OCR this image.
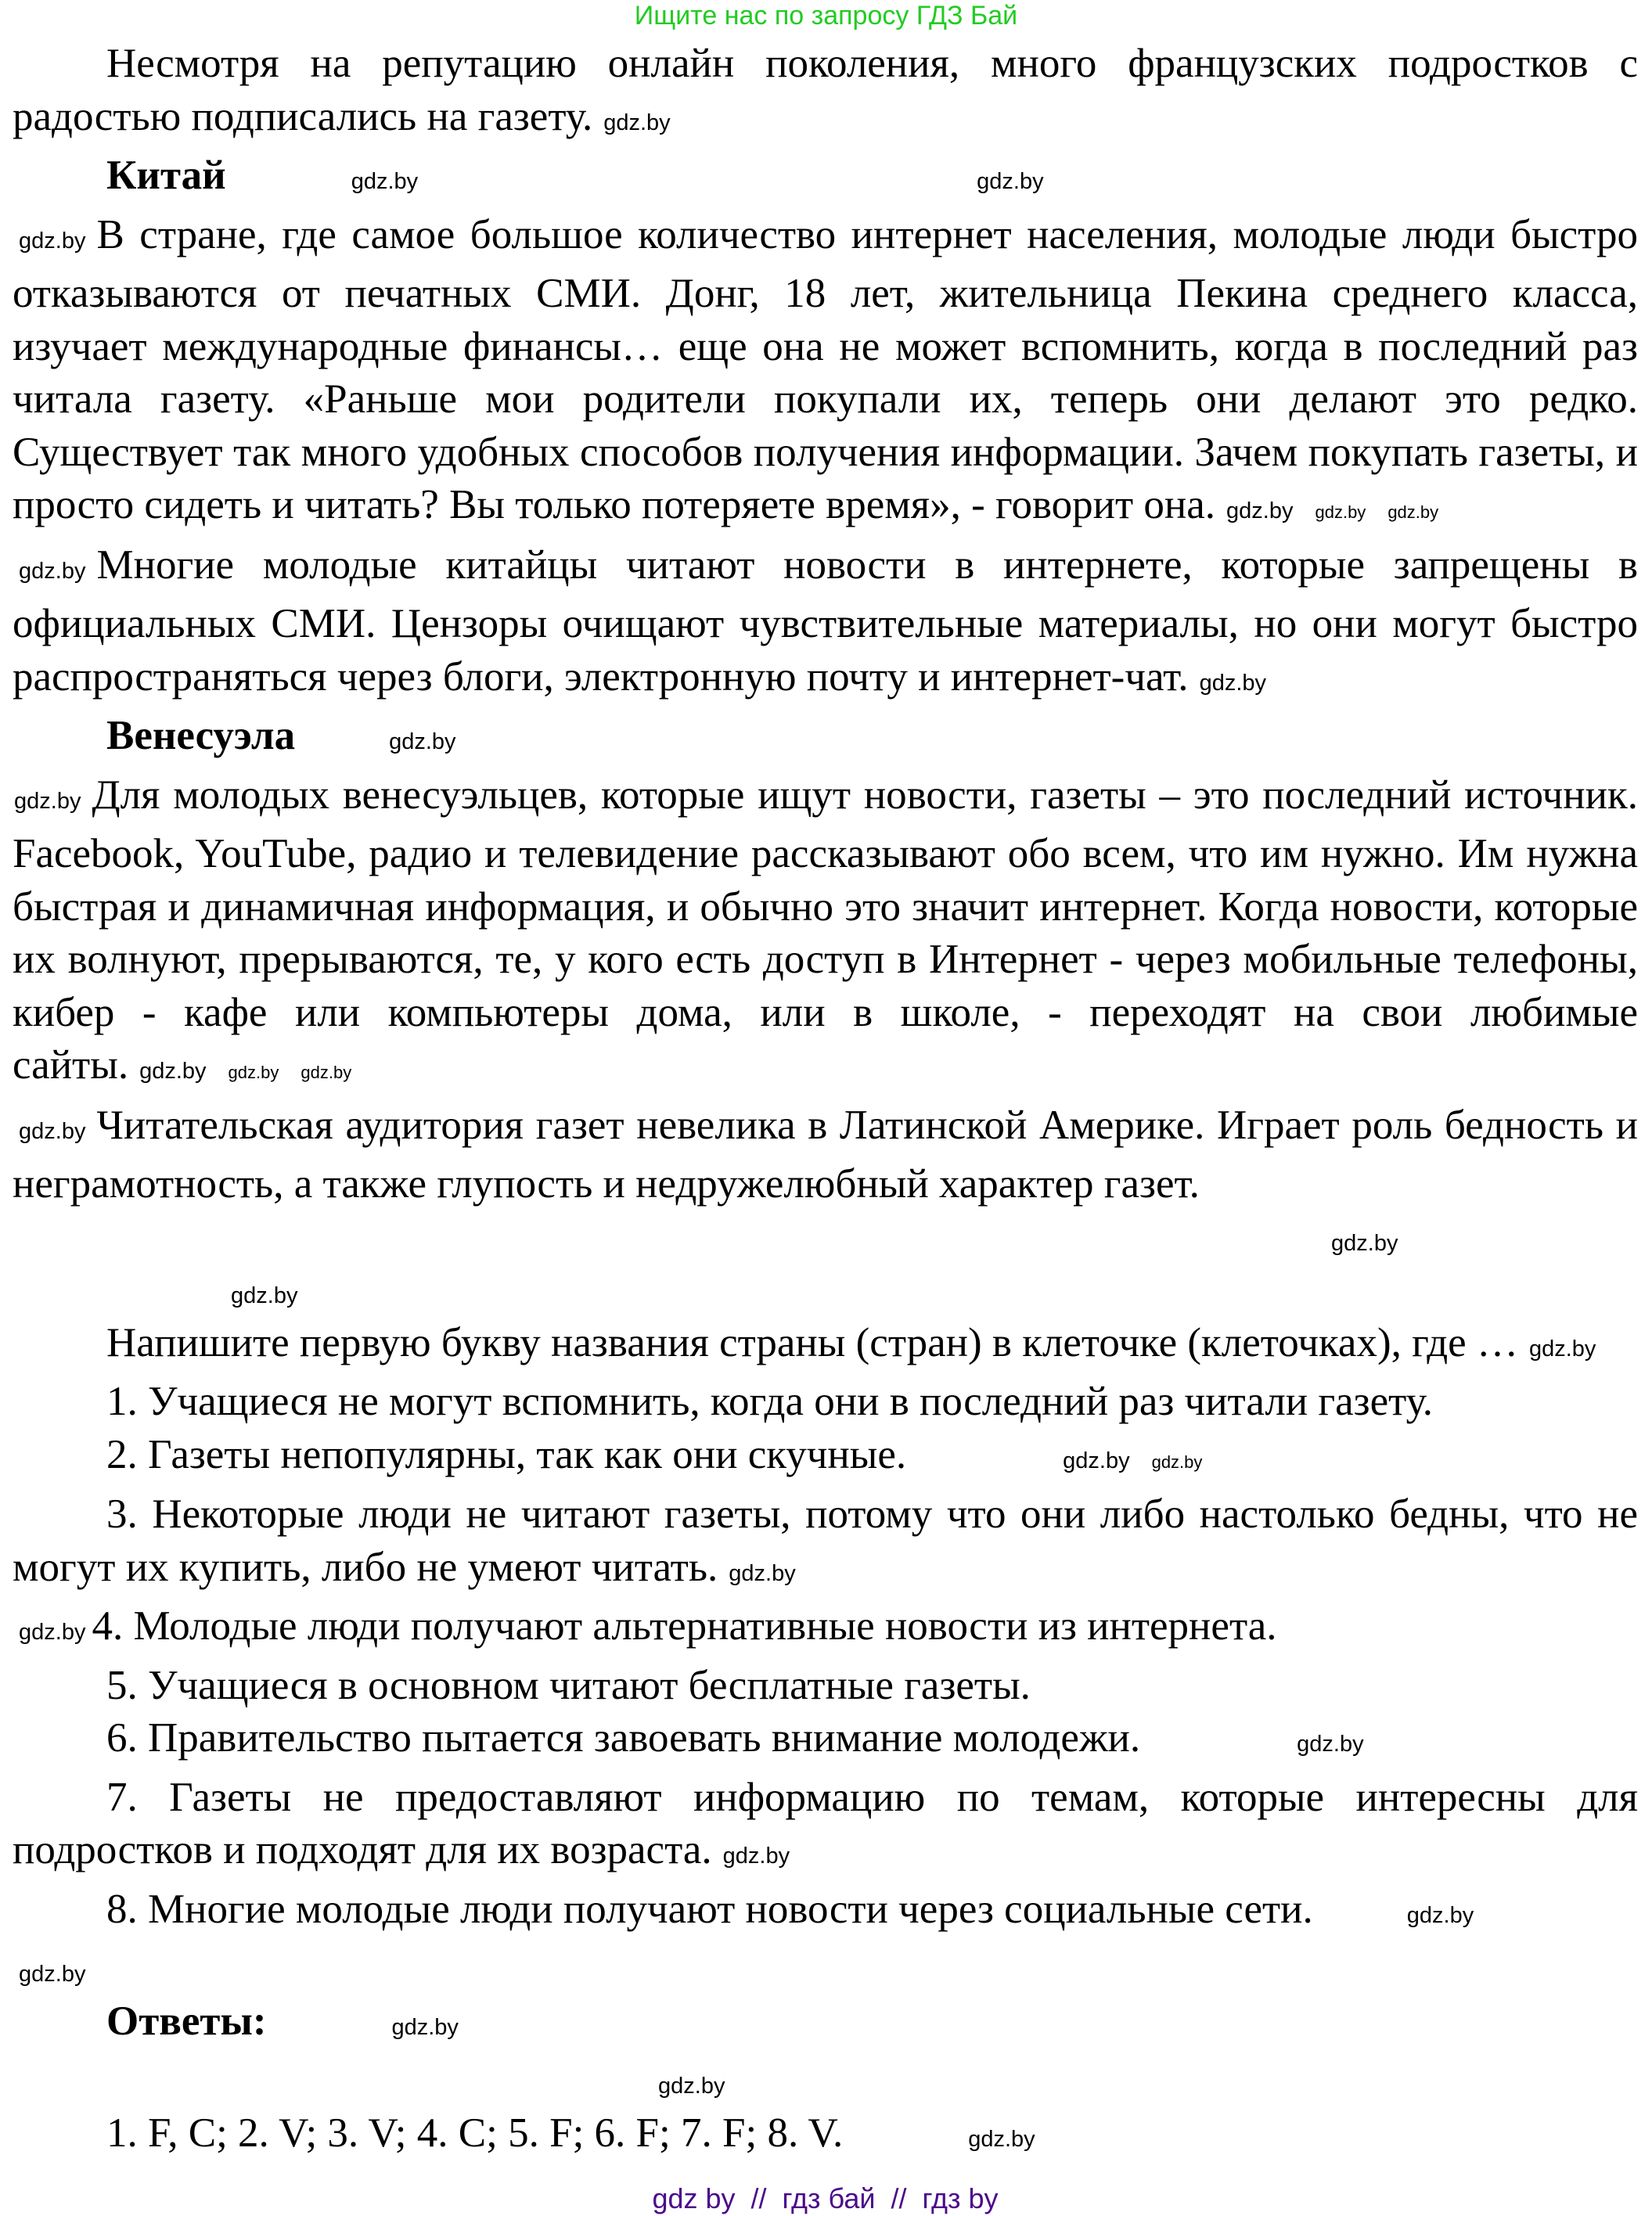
Ищите нас по запросу ГДЗ Бай

Несмотря на репутацию онлайн поколения, много французских подростков с радостью подписались на газету. gdz.by

Китай	gdz.by	gdz.by

gdz.by В стране, где самое большое количество интернет населения, молодые люди быстро отказываются от печатных СМИ. Донг, 18 лет, жительница Пекина среднего класса, изучает международные финансы… еще она не может вспомнить, когда в последний раз читала газету. «Раньше мои родители покупали их, теперь они делают это редко. Существует так много удобных способов получения информации. Зачем покупать газеты, и просто сидеть и читать? Вы только потеряете время», - говорит она. gdz.by gdz.by gdz.by

gdz.by Многие молодые китайцы читают новости в интернете, которые запрещены в официальных СМИ. Цензоры очищают чувствительные материалы, но они могут быстро распространяться через блоги, электронную почту и интернет-чат. gdz.by

Венесуэла	gdz.by

gdz.by Для молодых венесуэльцев, которые ищут новости, газеты – это последний источник. Facebook, YouTube, радио и телевидение рассказывают обо всем, что им нужно. Им нужна быстрая и динамичная информация, и обычно это значит интернет. Когда новости, которые их волнуют, прерываются, те, у кого есть доступ в Интернет - через мобильные телефоны, кибер - кафе или компьютеры дома, или в школе, - переходят на свои любимые сайты. gdz.by gdz.by gdz.by

gdz.by Читательская аудитория газет невелика в Латинской Америке. Играет роль бедность и неграмотность, а также глупость и недружелюбный характер газет.

gdz.by
gdz.by

Напишите первую букву названия страны (стран) в клеточке (клеточках), где … gdz.by

1. Учащиеся не могут вспомнить, когда они в последний раз читали газету.

2. Газеты непопулярны, так как они скучные.	gdz.by gdz.by

3. Некоторые люди не читают газеты, потому что они либо настолько бедны, что не могут их купить, либо не умеют читать. gdz.by

gdz.by 4. Молодые люди получают альтернативные новости из интернета.

5. Учащиеся в основном читают бесплатные газеты.

6. Правительство пытается завоевать внимание молодежи.	gdz.by

7. Газеты не предоставляют информацию по темам, которые интересны для подростков и подходят для их возраста. gdz.by

8. Многие молодые люди получают новости через социальные сети.	gdz.by

gdz.by
Ответы:	gdz.by
gdz.by

1. F, C; 2. V; 3. V; 4. C; 5. F; 6. F; 7. F; 8. V.	gdz.by

gdz by  //  гдз бай  //  гдз by
